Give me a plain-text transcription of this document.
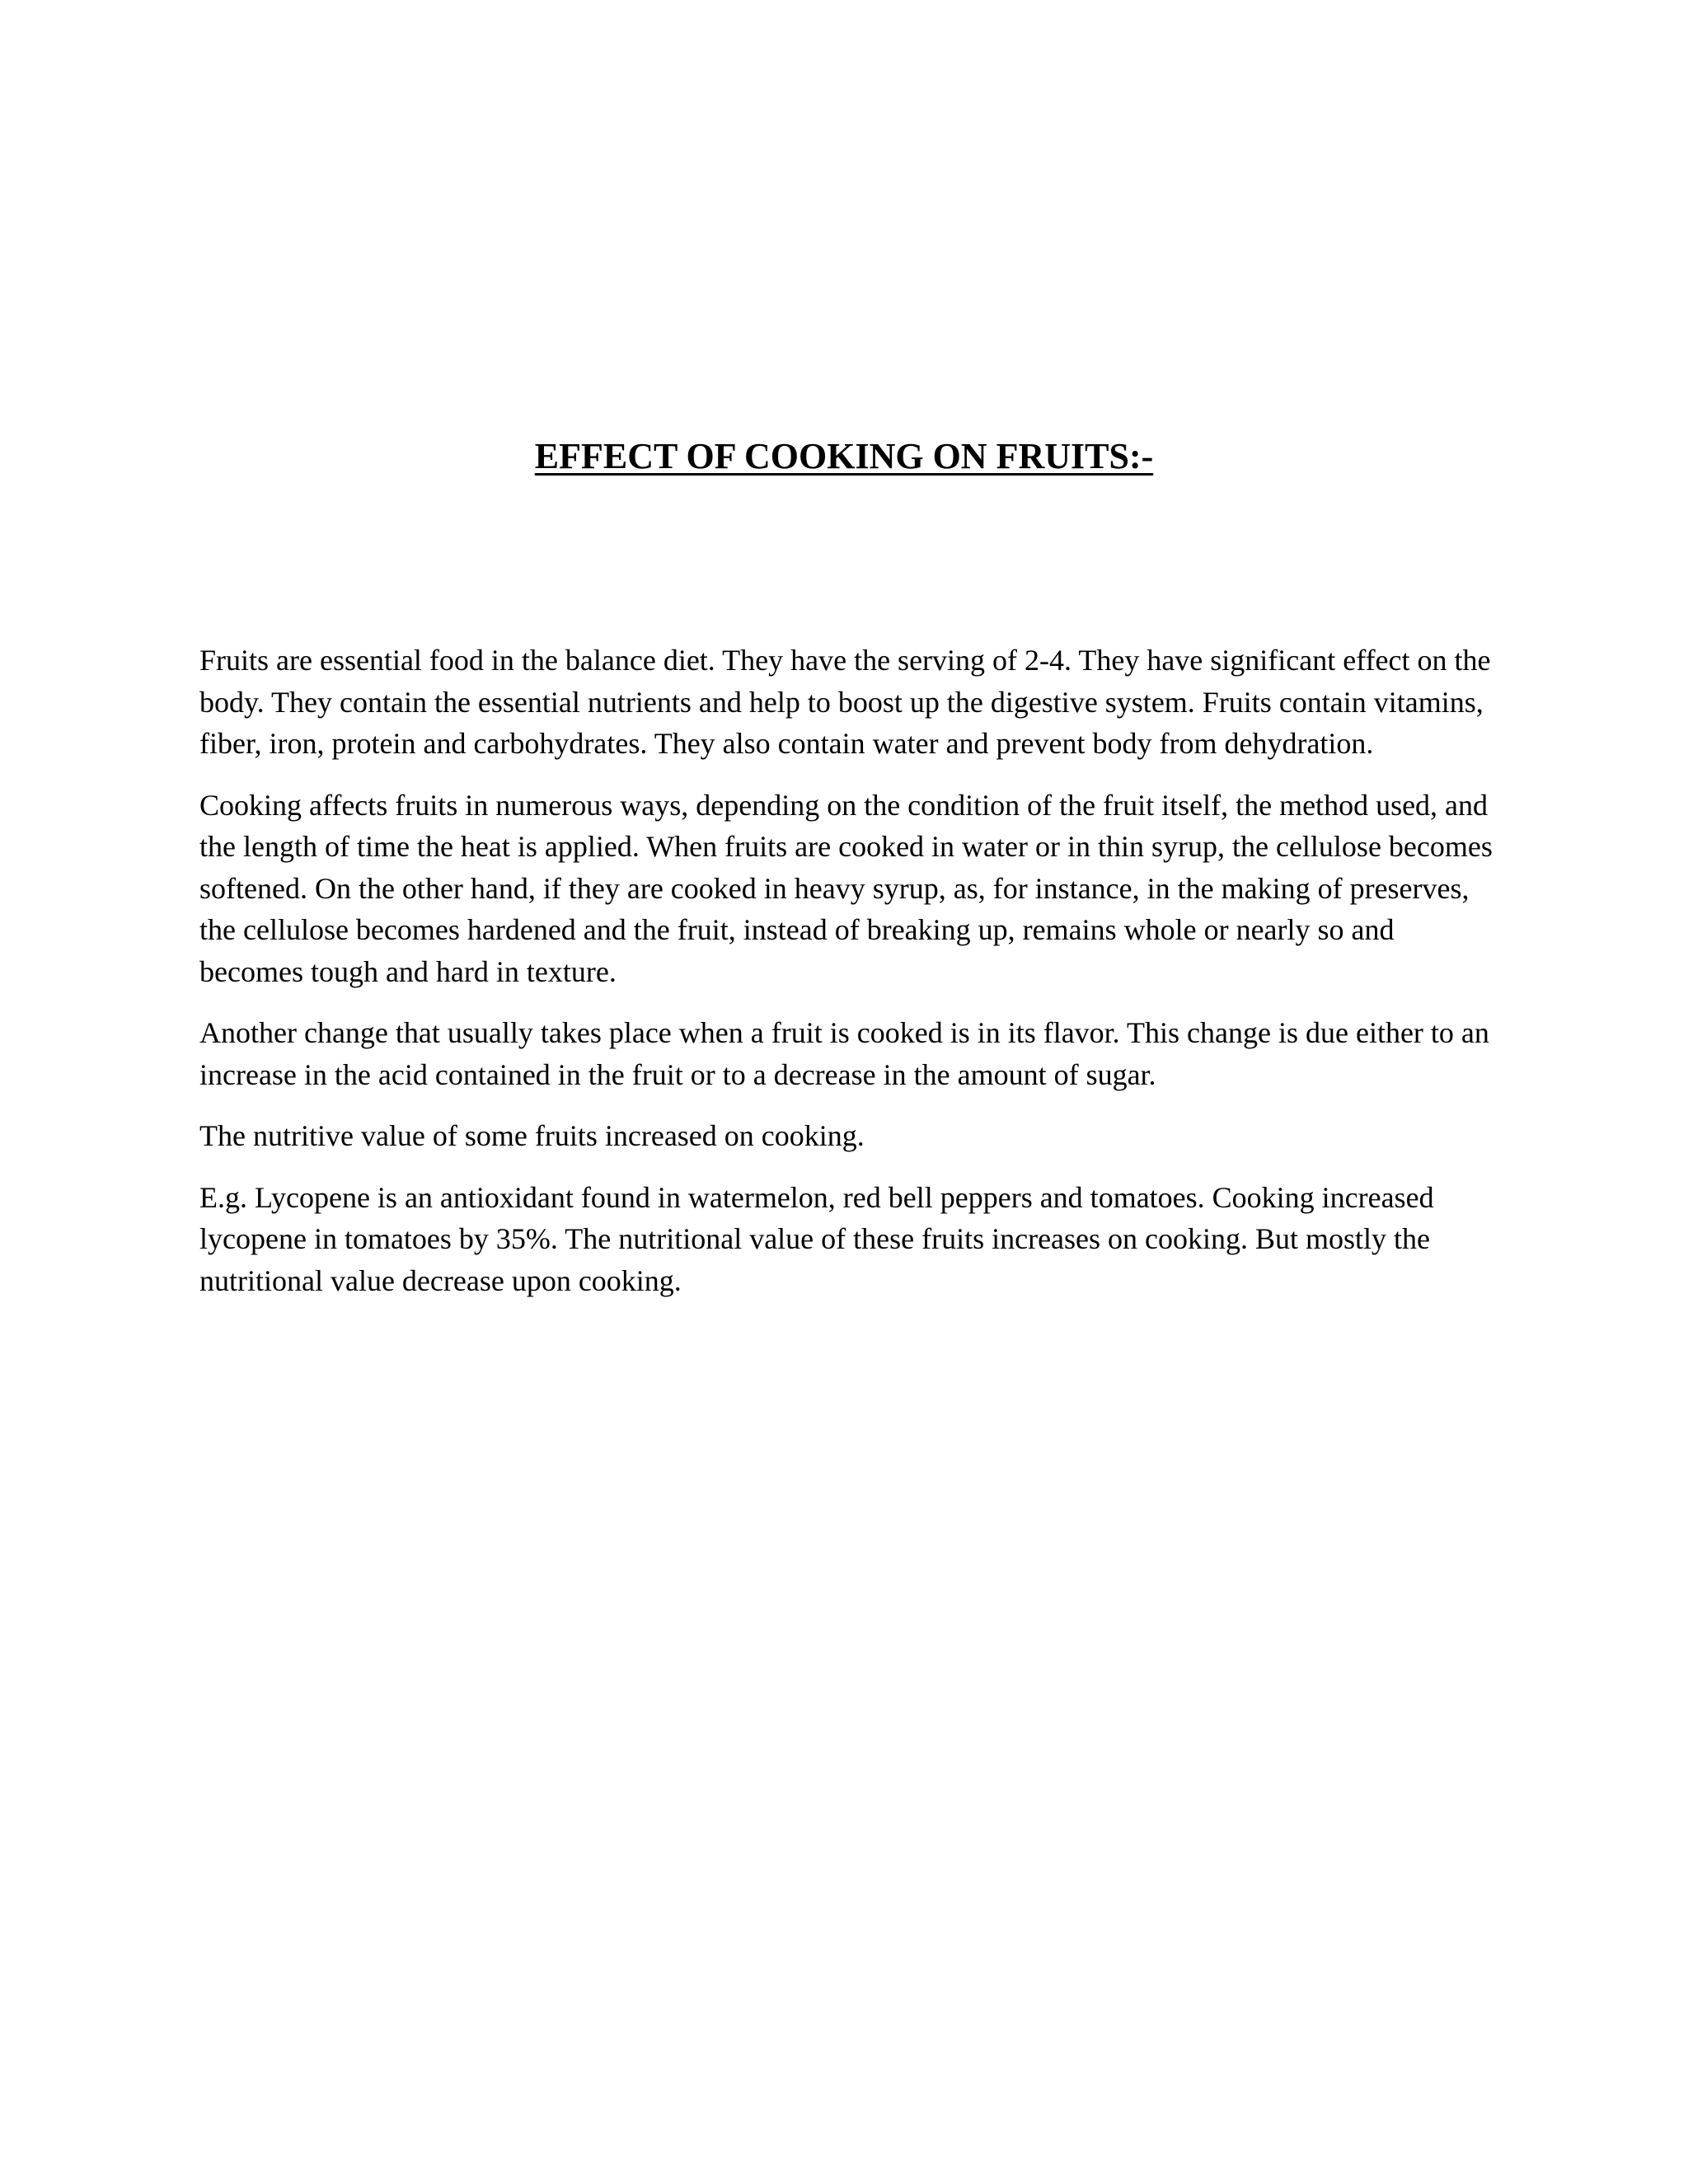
EFFECT OF COOKING ON FRUITS:-

Fruits are essential food in the balance diet. They have the serving of 2-4. They have significant effect on the body. They contain the essential nutrients and help to boost up the digestive system. Fruits contain vitamins, fiber, iron, protein and carbohydrates. They also contain water and prevent body from dehydration.

Cooking affects fruits in numerous ways, depending on the condition of the fruit itself, the method used, and the length of time the heat is applied. When fruits are cooked in water or in thin syrup, the cellulose becomes softened. On the other hand, if they are cooked in heavy syrup, as, for instance, in the making of preserves, the cellulose becomes hardened and the fruit, instead of breaking up, remains whole or nearly so and becomes tough and hard in texture.

Another change that usually takes place when a fruit is cooked is in its flavor. This change is due either to an increase in the acid contained in the fruit or to a decrease in the amount of sugar.

The nutritive value of some fruits increased on cooking.

E.g. Lycopene is an antioxidant found in watermelon, red bell peppers and tomatoes. Cooking increased lycopene in tomatoes by 35%. The nutritional value of these fruits increases on cooking. But mostly the nutritional value decrease upon cooking.
